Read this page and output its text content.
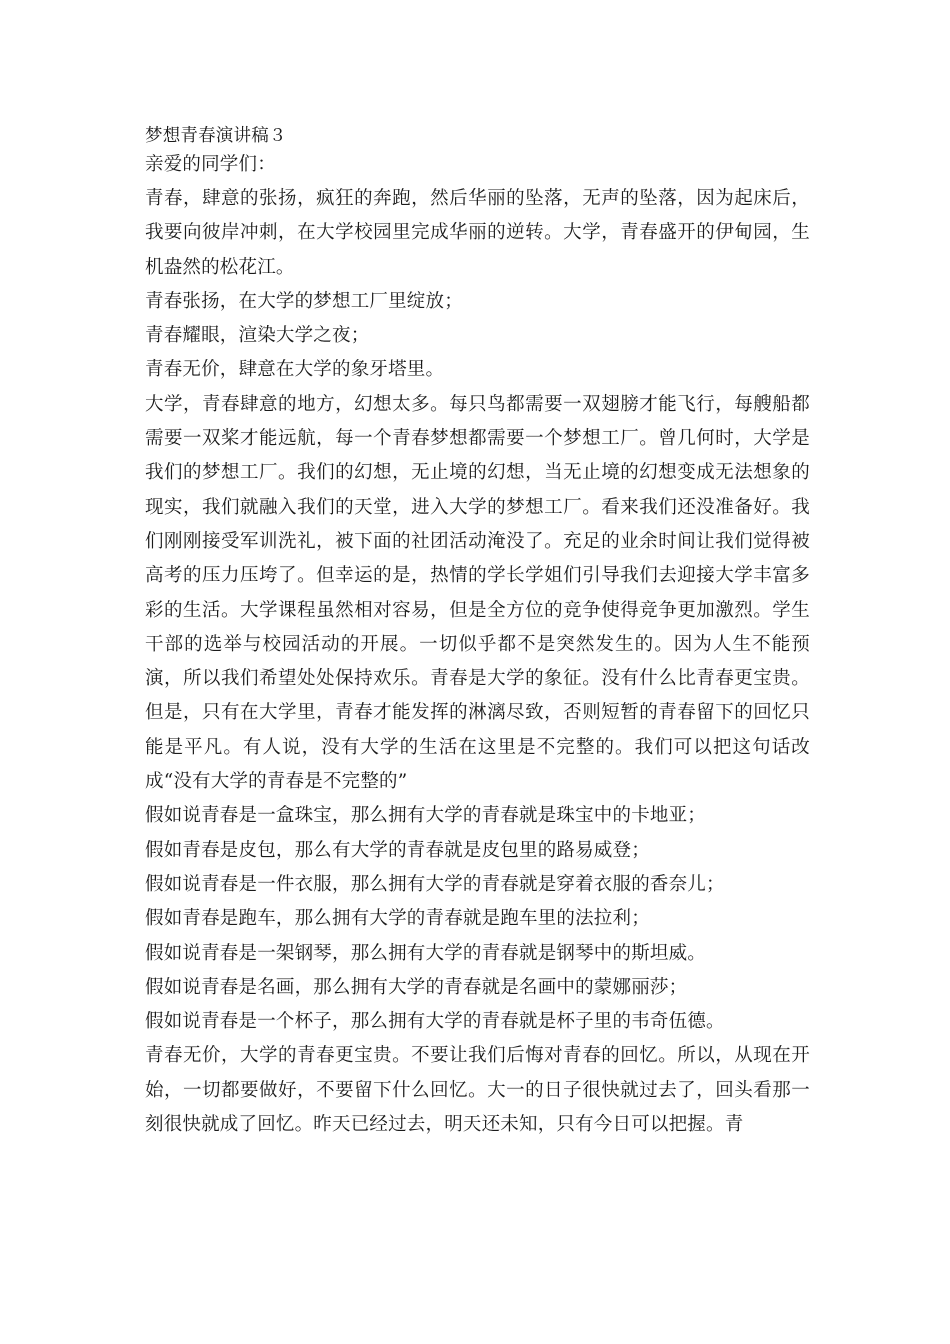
梦想青春演讲稿３

亲爱的同学们：

青春，肆意的张扬，疯狂的奔跑，然后华丽的坠落，无声的坠落，因为起床后，我要向彼岸冲刺，在大学校园里完成华丽的逆转。大学，青春盛开的伊甸园，生机盎然的松花江。

青春张扬，在大学的梦想工厂里绽放；

青春耀眼，渲染大学之夜；

青春无价，肆意在大学的象牙塔里。

大学，青春肆意的地方，幻想太多。每只鸟都需要一双翅膀才能飞行，每艘船都需要一双桨才能远航，每一个青春梦想都需要一个梦想工厂。曾几何时，大学是我们的梦想工厂。我们的幻想，无止境的幻想，当无止境的幻想变成无法想象的现实，我们就融入我们的天堂，进入大学的梦想工厂。看来我们还没准备好。我们刚刚接受军训洗礼，被下面的社团活动淹没了。充足的业余时间让我们觉得被高考的压力压垮了。但幸运的是，热情的学长学姐们引导我们去迎接大学丰富多彩的生活。大学课程虽然相对容易，但是全方位的竞争使得竞争更加激烈。学生干部的选举与校园活动的开展。一切似乎都不是突然发生的。因为人生不能预演，所以我们希望处处保持欢乐。青春是大学的象征。没有什么比青春更宝贵。但是，只有在大学里，青春才能发挥的淋漓尽致，否则短暂的青春留下的回忆只能是平凡。有人说，没有大学的生活在这里是不完整的。我们可以把这句话改成“没有大学的青春是不完整的”

假如说青春是一盒珠宝，那么拥有大学的青春就是珠宝中的卡地亚；

假如青春是皮包，那么有大学的青春就是皮包里的路易威登；

假如说青春是一件衣服，那么拥有大学的青春就是穿着衣服的香奈儿；

假如青春是跑车，那么拥有大学的青春就是跑车里的法拉利；

假如说青春是一架钢琴，那么拥有大学的青春就是钢琴中的斯坦威。

假如说青春是名画，那么拥有大学的青春就是名画中的蒙娜丽莎；

假如说青春是一个杯子，那么拥有大学的青春就是杯子里的韦奇伍德。

青春无价，大学的青春更宝贵。不要让我们后悔对青春的回忆。所以，从现在开始，一切都要做好，不要留下什么回忆。大一的日子很快就过去了，回头看那一刻很快就成了回忆。昨天已经过去，明天还未知，只有今日可以把握。青
